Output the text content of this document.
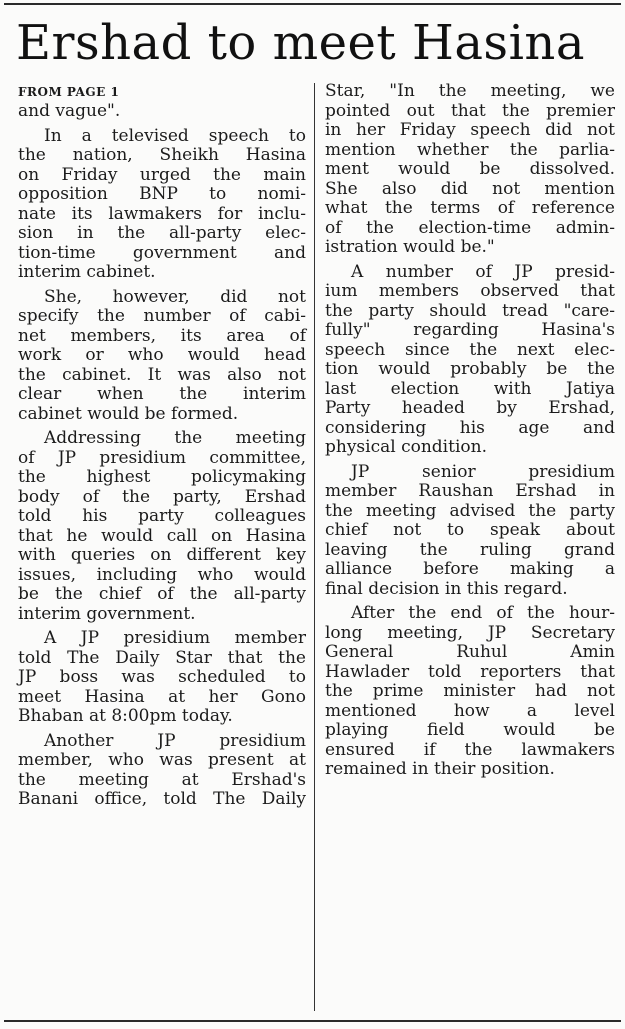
Ershad to meet Hasina
FROM PAGE 1
and vague".
In a televised speech to
the nation, Sheikh Hasina
on Friday urged the main
opposition BNP to nomi-
nate its lawmakers for inclu-
sion in the all-party elec-
tion-time government and
interim cabinet.
She, however, did not
specify the number of cabi-
net members, its area of
work or who would head
the cabinet. It was also not
clear when the interim
cabinet would be formed.
Addressing the meeting
of JP presidium committee,
the highest policymaking
body of the party, Ershad
told his party colleagues
that he would call on Hasina
with queries on different key
issues, including who would
be the chief of the all-party
interim government.
A JP presidium member
told The Daily Star that the
JP boss was scheduled to
meet Hasina at her Gono
Bhaban at 8:00pm today.
Another JP presidium
member, who was present at
the meeting at Ershad's
Banani office, told The Daily
Star, "In the meeting, we
pointed out that the premier
in her Friday speech did not
mention whether the parlia-
ment would be dissolved.
She also did not mention
what the terms of reference
of the election-time admin-
istration would be."
A number of JP presid-
ium members observed that
the party should tread "care-
fully" regarding Hasina's
speech since the next elec-
tion would probably be the
last election with Jatiya
Party headed by Ershad,
considering his age and
physical condition.
JP senior presidium
member Raushan Ershad in
the meeting advised the party
chief not to speak about
leaving the ruling grand
alliance before making a
final decision in this regard.
After the end of the hour-
long meeting, JP Secretary
General Ruhul Amin
Hawlader told reporters that
the prime minister had not
mentioned how a level
playing field would be
ensured if the lawmakers
remained in their position.
